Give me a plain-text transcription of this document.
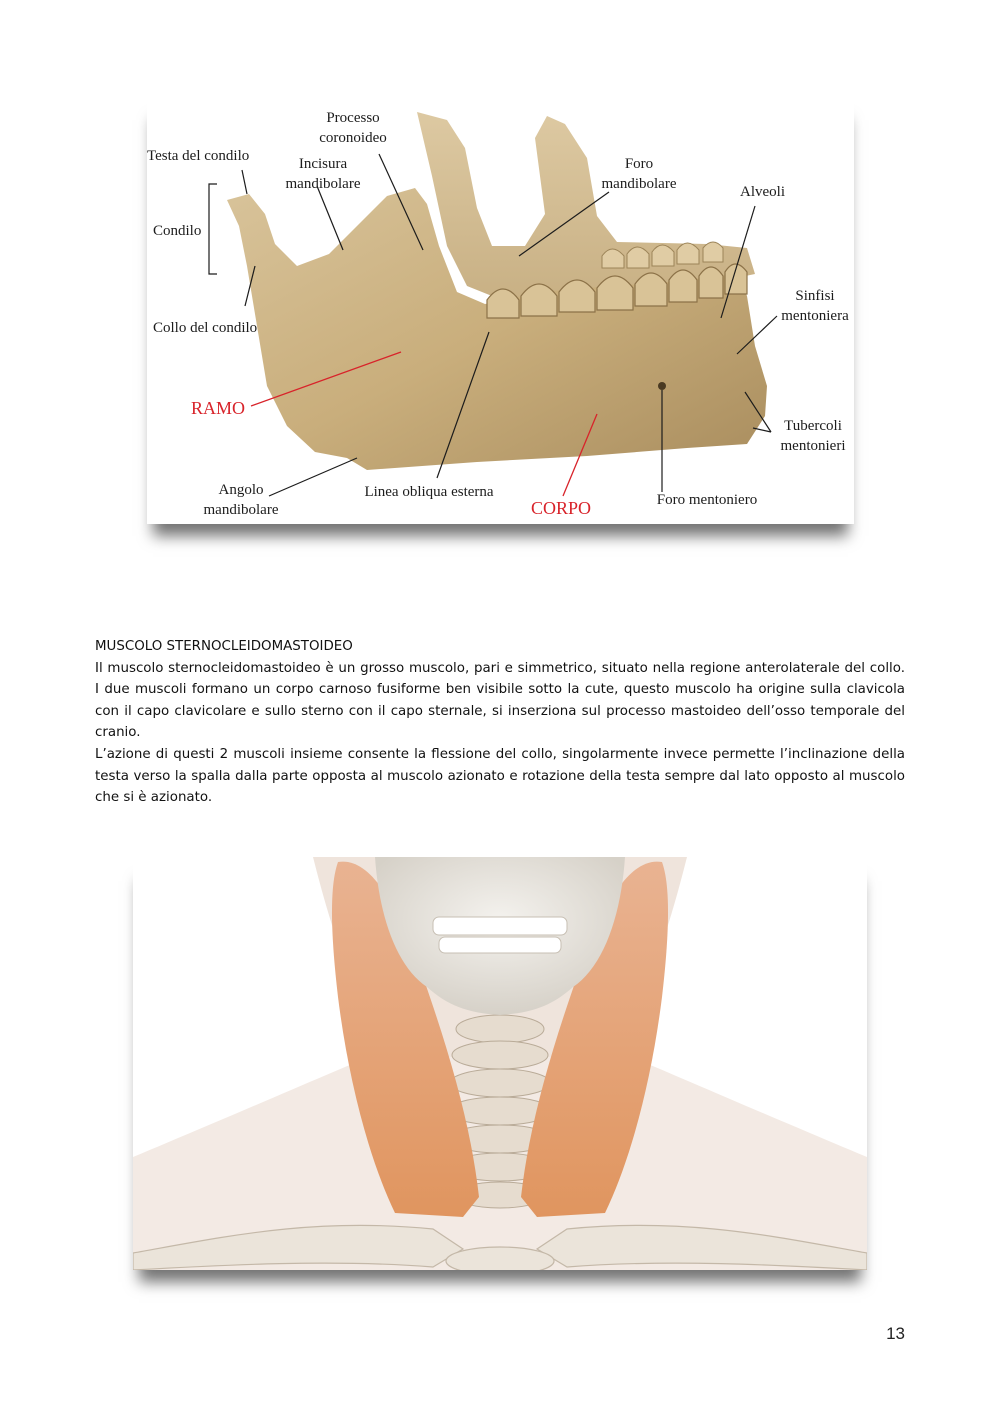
Testa del condilo
Condilo
Collo del condilo
RAMO
Incisura
mandibolare
Processo
coronoideo
Foro
mandibolare	Alveoli
Sinfisi
mentoniera
Tubercoli
mentonieri
Angolo
mandibolare
Linea obliqua esterna
CORPO	Foro mentoniero
MUSCOLO STERNOCLEIDOMASTOIDEO

Il muscolo sternocleidomastoideo è un grosso muscolo, pari e simmetrico, situato nella regione anterolaterale del collo. I due muscoli formano un corpo carnoso fusiforme ben visibile sotto la cute, questo muscolo ha origine sulla clavicola con il capo clavicolare e sullo sterno con il capo sternale, si inserziona sul processo mastoideo dell’osso temporale del cranio.

L’azione di questi 2 muscoli insieme consente la flessione del collo, singolarmente invece permette l’inclinazione della testa verso la spalla dalla parte opposta al muscolo azionato e rotazione della testa sempre dal lato opposto al muscolo che si è azionato.

13
